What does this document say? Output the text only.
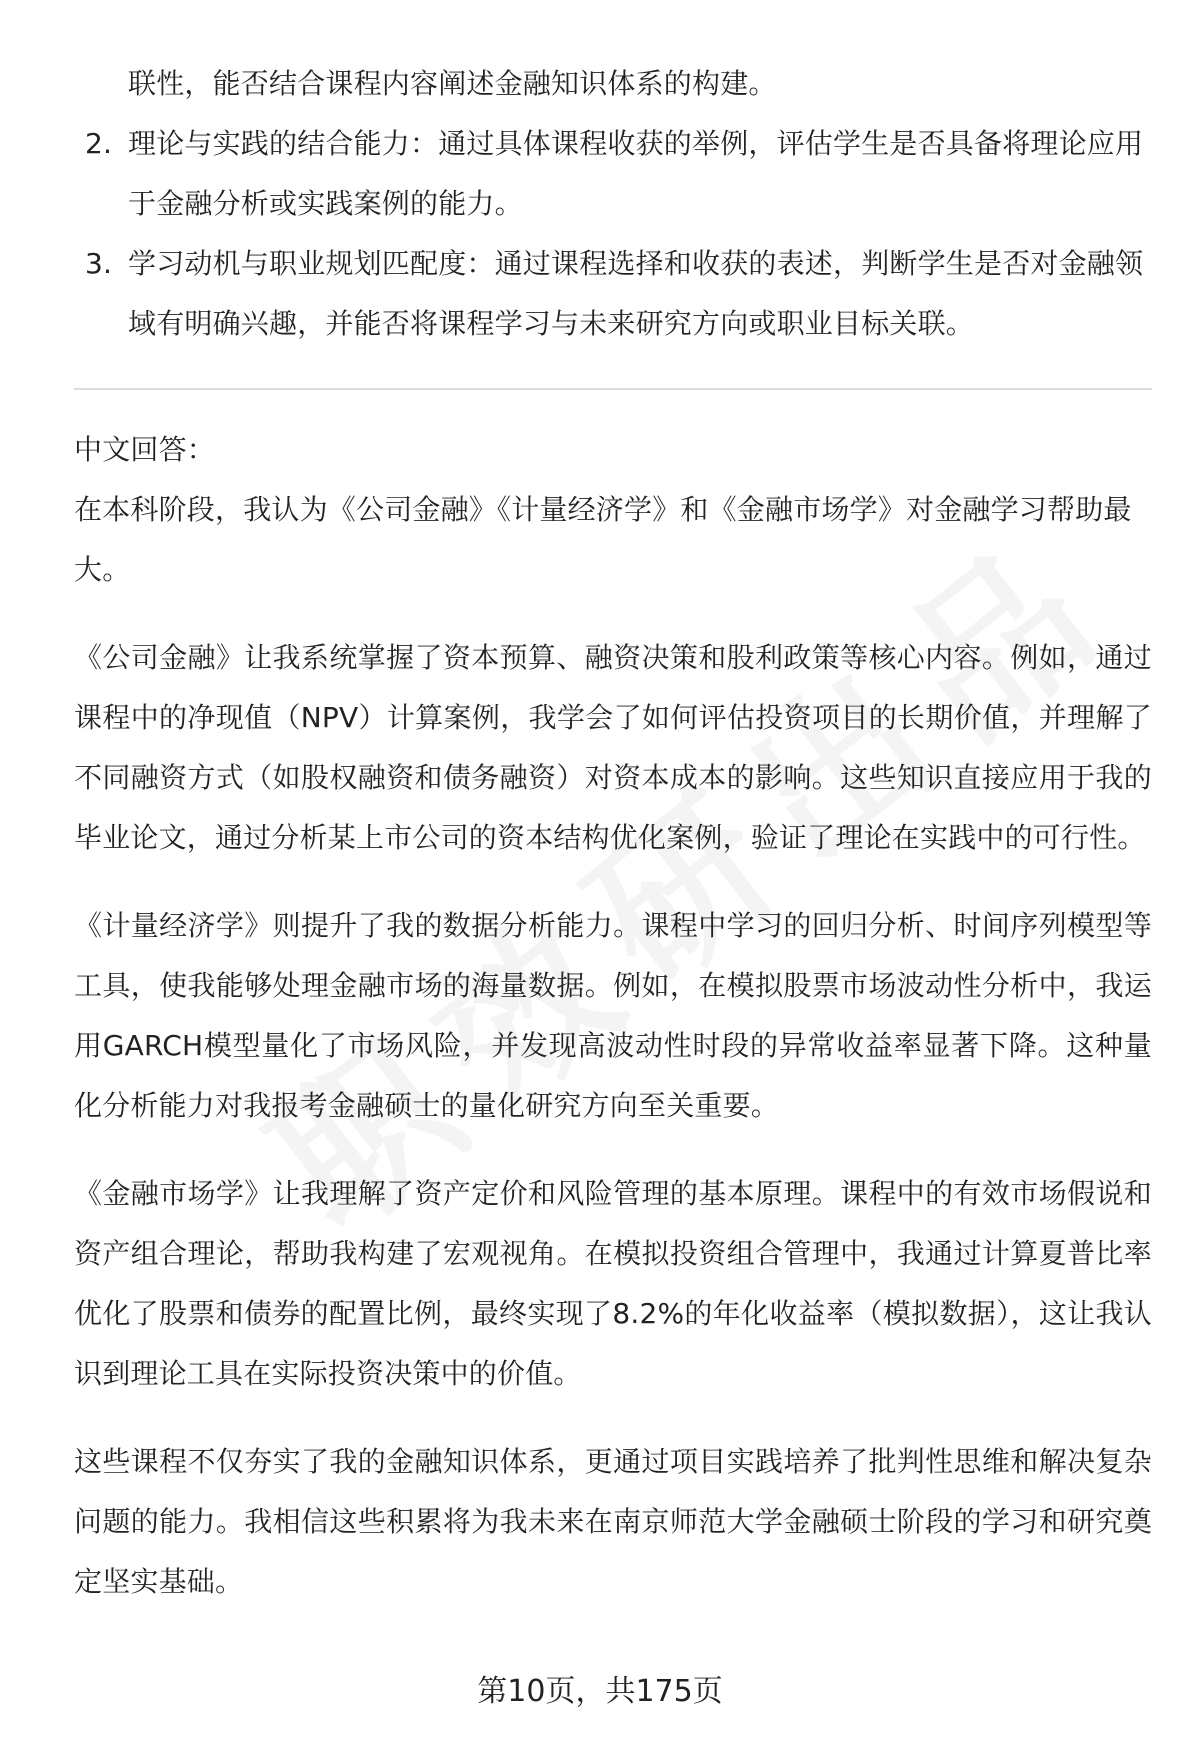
联性，能否结合课程内容阐述金融知识体系的构建。

2. 理论与实践的结合能力：通过具体课程收获的举例，评估学生是否具备将理论应用于金融分析或实践案例的能力。
3. 学习动机与职业规划匹配度：通过课程选择和收获的表述，判断学生是否对金融领域有明确兴趣，并能否将课程学习与未来研究方向或职业目标关联。

中文回答：

在本科阶段，我认为《公司金融》《计量经济学》和《金融市场学》对金融学习帮助最大。

《公司金融》让我系统掌握了资本预算、融资决策和股利政策等核心内容。例如，通过课程中的净现值（NPV）计算案例，我学会了如何评估投资项目的长期价值，并理解了不同融资方式（如股权融资和债务融资）对资本成本的影响。这些知识直接应用于我的毕业论文，通过分析某上市公司的资本结构优化案例，验证了理论在实践中的可行性。

《计量经济学》则提升了我的数据分析能力。课程中学习的回归分析、时间序列模型等工具，使我能够处理金融市场的海量数据。例如，在模拟股票市场波动性分析中，我运用GARCH模型量化了市场风险，并发现高波动性时段的异常收益率显著下降。这种量化分析能力对我报考金融硕士的量化研究方向至关重要。

《金融市场学》让我理解了资产定价和风险管理的基本原理。课程中的有效市场假说和资产组合理论，帮助我构建了宏观视角。在模拟投资组合管理中，我通过计算夏普比率优化了股票和债券的配置比例，最终实现了8.2%的年化收益率（模拟数据），这让我认识到理论工具在实际投资决策中的价值。

这些课程不仅夯实了我的金融知识体系，更通过项目实践培养了批判性思维和解决复杂问题的能力。我相信这些积累将为我未来在南京师范大学金融硕士阶段的学习和研究奠定坚实基础。

第10页，共175页
